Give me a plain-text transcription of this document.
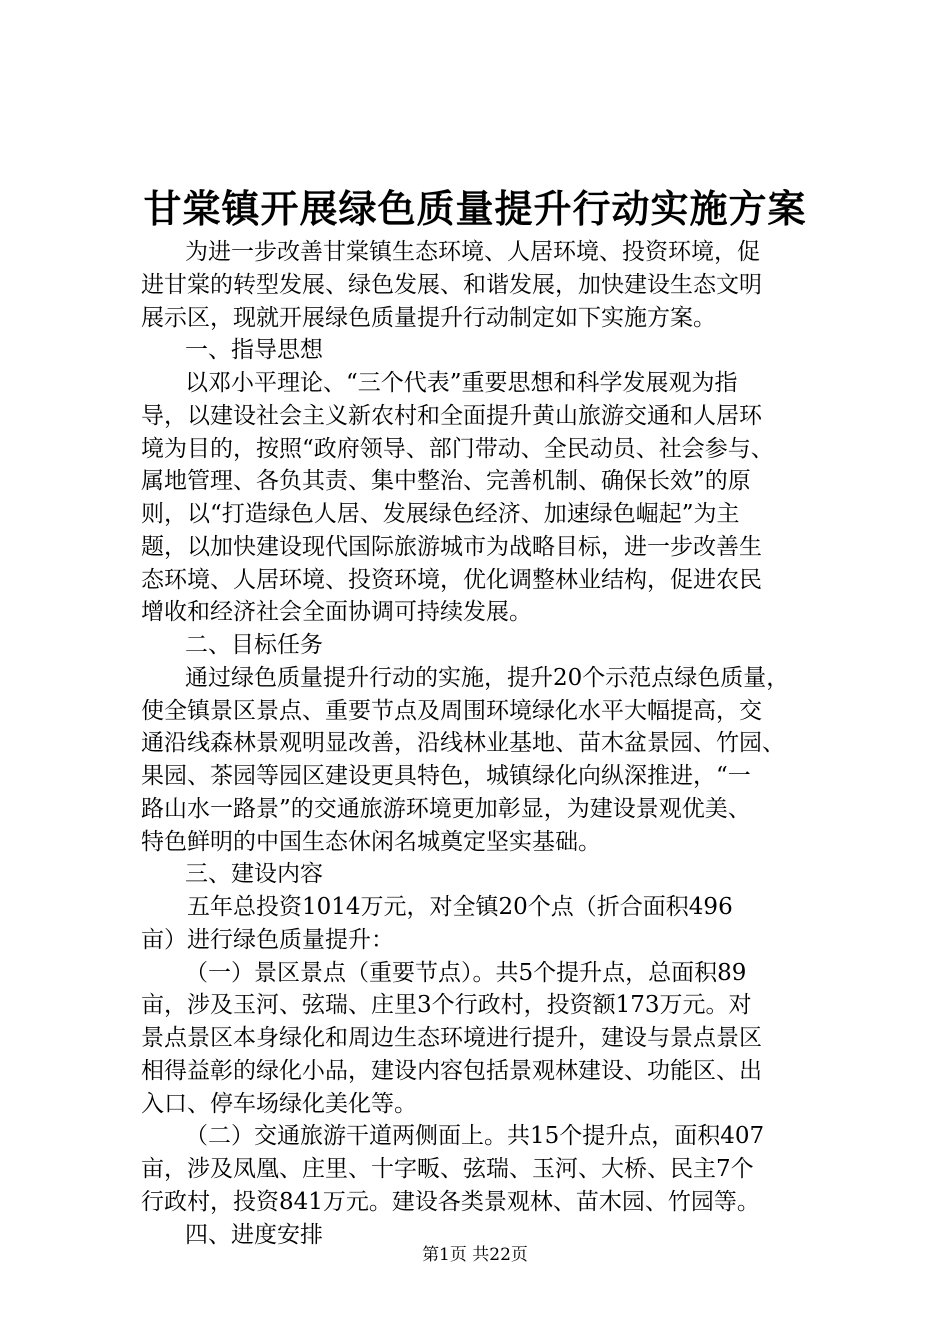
甘棠镇开展绿色质量提升行动实施方案
为进一步改善甘棠镇生态环境、人居环境、投资环境，促
进甘棠的转型发展、绿色发展、和谐发展，加快建设生态文明
展示区，现就开展绿色质量提升行动制定如下实施方案。
一、指导思想
以邓小平理论、“三个代表”重要思想和科学发展观为指
导，以建设社会主义新农村和全面提升黄山旅游交通和人居环
境为目的，按照“政府领导、部门带动、全民动员、社会参与、
属地管理、各负其责、集中整治、完善机制、确保长效”的原
则，以“打造绿色人居、发展绿色经济、加速绿色崛起”为主
题，以加快建设现代国际旅游城市为战略目标，进一步改善生
态环境、人居环境、投资环境，优化调整林业结构，促进农民
增收和经济社会全面协调可持续发展。
二、目标任务
通过绿色质量提升行动的实施，提升20个示范点绿色质量，
使全镇景区景点、重要节点及周围环境绿化水平大幅提高，交
通沿线森林景观明显改善，沿线林业基地、苗木盆景园、竹园、
果园、茶园等园区建设更具特色，城镇绿化向纵深推进，“一
路山水一路景”的交通旅游环境更加彰显，为建设景观优美、
特色鲜明的中国生态休闲名城奠定坚实基础。
三、建设内容
五年总投资1014万元，对全镇20个点（折合面积496
亩）进行绿色质量提升：
（一）景区景点（重要节点）。共5个提升点，总面积89
亩，涉及玉河、弦瑞、庄里3个行政村，投资额173万元。对
景点景区本身绿化和周边生态环境进行提升，建设与景点景区
相得益彰的绿化小品，建设内容包括景观林建设、功能区、出
入口、停车场绿化美化等。
（二）交通旅游干道两侧面上。共15个提升点，面积407
亩，涉及凤凰、庄里、十字畈、弦瑞、玉河、大桥、民主7个
行政村，投资841万元。建设各类景观林、苗木园、竹园等。
四、进度安排
第1页 共22页
